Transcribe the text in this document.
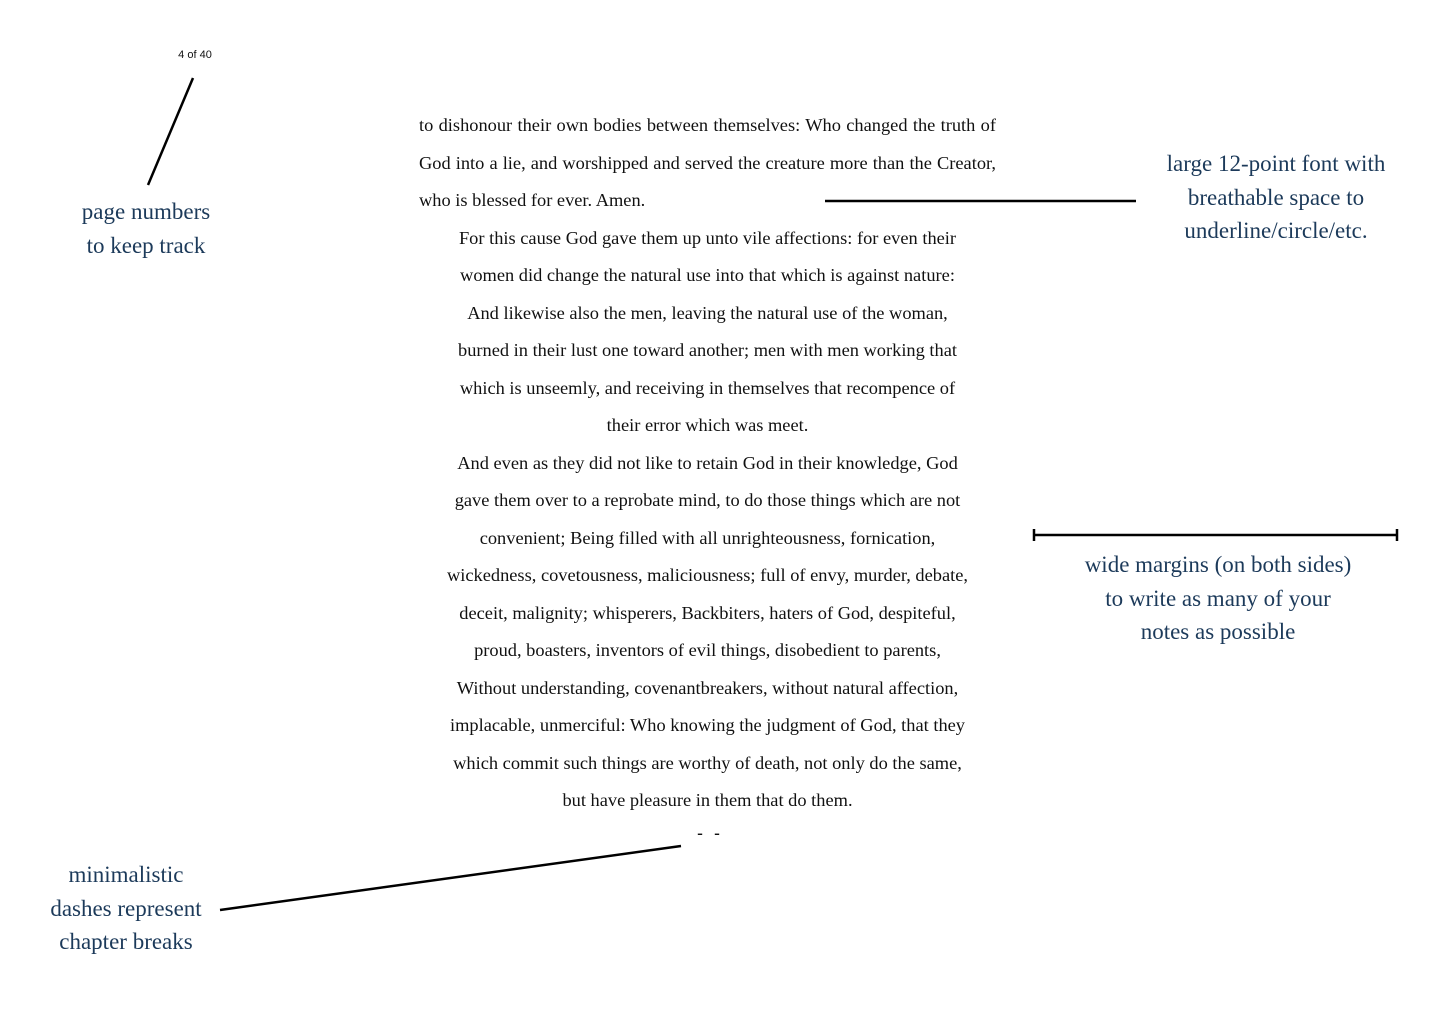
4 of 40
to dishonour their own bodies between themselves: Who changed the truth of God into a lie, and worshipped and served the creature more than the Creator, who is blessed for ever. Amen.
For this cause God gave them up unto vile affections: for even their
women did change the natural use into that which is against nature:
And likewise also the men, leaving the natural use of the woman,
burned in their lust one toward another; men with men working that
which is unseemly, and receiving in themselves that recompence of
their error which was meet.
And even as they did not like to retain God in their knowledge, God
gave them over to a reprobate mind, to do those things which are not
convenient; Being filled with all unrighteousness, fornication,
wickedness, covetousness, maliciousness; full of envy, murder, debate,
deceit, malignity; whisperers, Backbiters, haters of God, despiteful,
proud, boasters, inventors of evil things, disobedient to parents,
Without understanding, covenantbreakers, without natural affection,
implacable, unmerciful: Who knowing the judgment of God, that they
which commit such things are worthy of death, not only do the same,
but have pleasure in them that do them.
- -
page numbers
to keep track
large 12-point font with
breathable space to
underline/circle/etc.
wide margins (on both sides)
to write as many of your
notes as possible
minimalistic
dashes represent
chapter breaks
